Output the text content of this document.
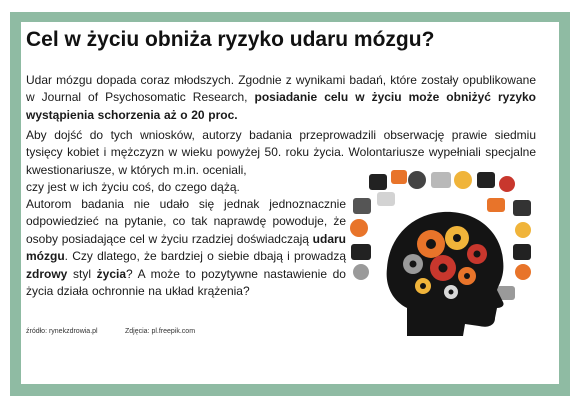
Cel w życiu obniża ryzyko udaru mózgu?

Udar mózgu dopada coraz młodszych. Zgodnie z wynikami badań, które zostały opublikowane w Journal of Psychosomatic Research, posiadanie celu w życiu może obniżyć ryzyko wystąpienia schorzenia aż o 20 proc.

Aby dojść do tych wniosków, autorzy badania przeprowadzili obserwację prawie siedmiu tysięcy kobiet i mężczyzn w wieku powyżej 50. roku życia. Wolontariusze wypełniali specjalne kwestionariusze, w których m.in. oceniali,

czy jest w ich życiu coś, do czego dążą.

Autorom badania nie udało się jednak jednoznacznie odpowiedzieć na pytanie, co tak naprawdę powoduje, że osoby posiadające cel w życiu rzadziej doświadczają udaru mózgu. Czy dlatego, że bardziej o siebie dbają i prowadzą zdrowy styl życia? A może to pozytywne nastawienie do życia działa ochronnie na układ krążenia?

źródło: rynekzdrowia.pl	Zdjęcia: pl.freepik.com
